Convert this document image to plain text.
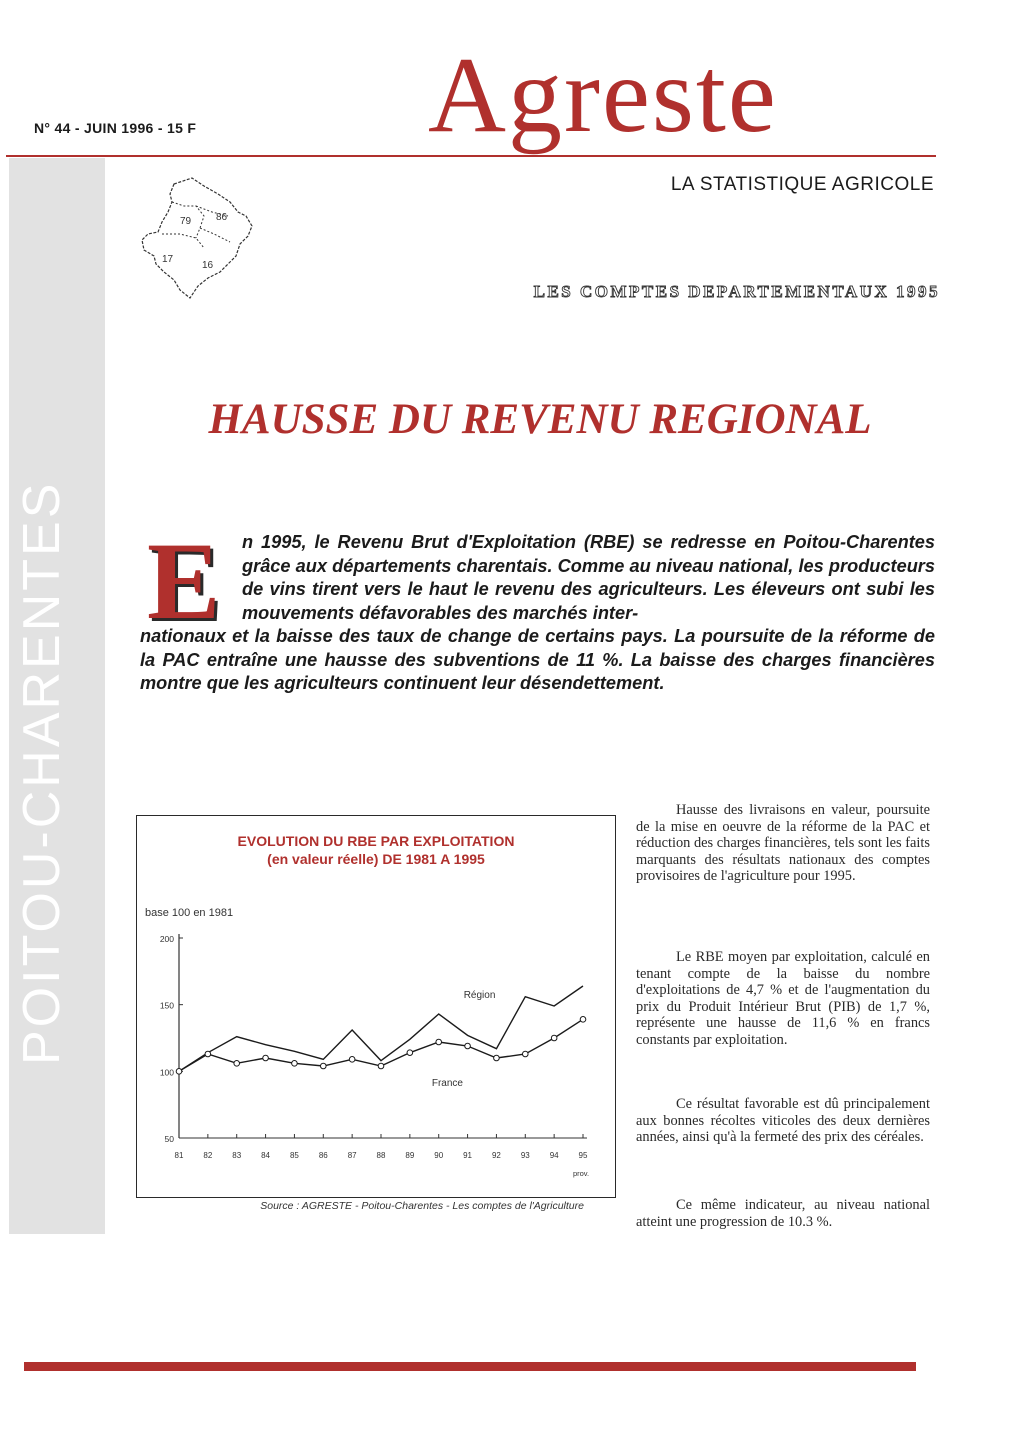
POITOU-CHARENTES
N° 44 - JUIN 1996 - 15 F Agreste
LA STATISTIQUE AGRICOLE
79 86
17
16
LES COMPTES DEPARTEMENTAUX 1995
HAUSSE DU REVENU REGIONAL
E n 1995, le Revenu Brut d'Exploitation (RBE) se redresse en Poitou-Charentes grâce aux départements charentais. Comme au niveau national, les producteurs de vins tirent vers le haut le revenu des agriculteurs. Les éleveurs ont subi les mouvements défavorables des marchés inter-

nationaux et la baisse des taux de change de certains pays. La poursuite de la réforme de la PAC entraîne une hausse des subventions de 11 %. La baisse des charges financières montre que les agriculteurs continuent leur désendettement.

EVOLUTION DU RBE PAR EXPLOITATION
(en valeur réelle) DE 1981 A 1995
base 100 en 1981
200
150
100
50
81 82 83 84 85 86 87 88 89 90 91 92 93 94 95
prov.
Région
France
Source : AGRESTE - Poitou-Charentes - Les comptes de l'Agriculture

Hausse des livraisons en valeur, poursuite de la mise en oeuvre de la réforme de la PAC et réduction des charges financières, tels sont les faits marquants des résultats nationaux des comptes provisoires de l'agriculture pour 1995.

Le RBE moyen par exploitation, calculé en tenant compte de la baisse du nombre d'exploitations de 4,7 % et de l'augmentation du prix du Produit Intérieur Brut (PIB) de 1,7 %, représente une hausse de 11,6 % en francs constants par exploitation.

Ce résultat favorable est dû principalement aux bonnes récoltes viticoles des deux dernières années, ainsi qu'à la fermeté des prix des céréales.

Ce même indicateur, au niveau national atteint une progression de 10.3 %.
